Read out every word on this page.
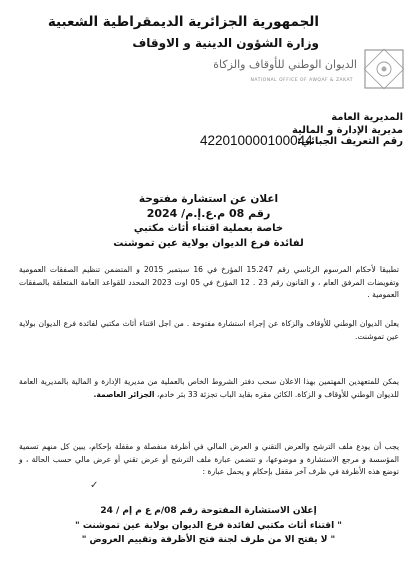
الجمهورية الجزائرية الديمقراطية الشعبية
وزارة الشؤون الدينية و الاوقاف
الديوان الوطني للأوقاف والزكاة
NATIONAL OFFICE OF AWQAF & ZAKAT
المديرية العامة
مديرية الإدارة و المالية
رقم التعريف الجبائي:
422010000100044
اعلان عن استشارة مفتوحة
رقم 08 م.ع.إ.م/ 2024
خاصة بعملية اقتناء أثاث مكتبي
لفائدة فرع الديوان بولاية عين تموشنت
تطبيقا لأحكام المرسوم الرئاسي رقم 15.247 المؤرخ في 16 سبتمبر 2015 و المتضمن تنظيم الصفقات العمومية وتفويضات المرفق العام ، و القانون رقم 23 . 12 المؤرخ في 05 اوت 2023 المحدد للقواعد العامة المتعلقة بالصفقات العمومية .
يعلن الديوان الوطني للأوقاف والزكاة عن إجراء استشارة مفتوحة . من اجل اقتناء أثاث مكتبي لفائدة فرع الديوان بولاية عين تموشنت.
يمكن للمتعهدين المهتمين بهذا الاعلان سحب دفتر الشروط الخاص بالعملية من مديرية الإدارة و المالية بالمديرية العامة للديوان الوطني للأوقاف و الزكاة. الكائن مقره بقايد الباب تجزئة 33 بئر خادم، الجزائر العاصمة.
يجب أن يودع ملف الترشح والعرض التقني و العرض المالي في أظرفة منفصلة و مقفلة بإحكام، يبين كل منهم تسمية المؤسسة و مرجع الاستشارة و موضوعها، و تتضمن عبارة ملف الترشح أو عرض تقني أو عرض مالي حسب الحالة ، و توضع هذه الأظرفة في ظرف آخر مقفل بإحكام و يحمل عبارة :
✓
إعلان الاستشارة المفتوحة رقم 08/م ع م إم / 24
" اقتناء أثاث مكتبي لفائدة فرع الديوان بولاية عين تموشنت "
" لا يفتح الا من طرف لجنة فتح الأظرفة وتقييم العروض "
